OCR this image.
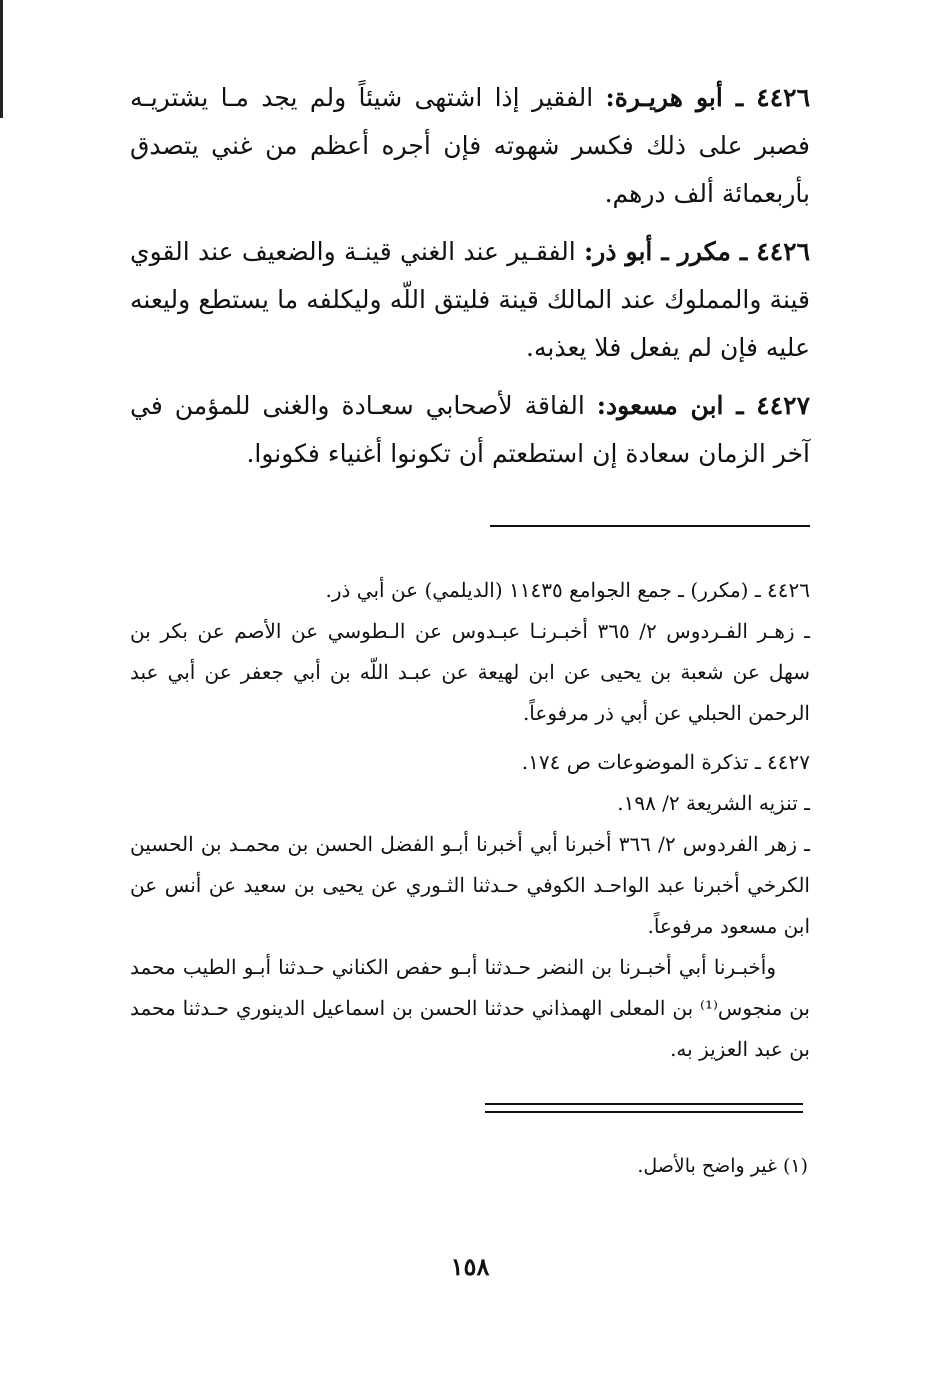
٤٤٢٦ ـ أبو هريـرة: الفقير إذا اشتهى شيئاً ولم يجد مـا يشتريـه فصبر على ذلك فكسر شهوته فإن أجره أعظم من غني يتصدق بأربعمائة ألف درهم.

٤٤٢٦ ـ مكرر ـ أبو ذر: الفقـير عند الغني قينـة والضعيف عند القوي قينة والمملوك عند المالك قينة فليتق اللّه وليكلفه ما يستطع وليعنه عليه فإن لم يفعل فلا يعذبه.

٤٤٢٧ ـ ابن مسعود: الفاقة لأصحابي سعـادة والغنى للمؤمن في آخر الزمان سعادة إن استطعتم أن تكونوا أغنياء فكونوا.

٤٤٢٦ ـ (مكرر) ـ جمع الجوامع ١١٤٣٥ (الديلمي) عن أبي ذر.

ـ زهـر الفـردوس ٢/ ٣٦٥ أخبـرنـا عبـدوس عن الـطوسي عن الأصم عن بكر بن سهل عن شعبة بن يحيى عن ابن لهيعة عن عبـد اللّه بن أبي جعفر عن أبي عبد الرحمن الحبلي عن أبي ذر مرفوعاً.

٤٤٢٧ ـ تذكرة الموضوعات ص ١٧٤.

ـ تنزيه الشريعة ٢/ ١٩٨.

ـ زهر الفردوس ٢/ ٣٦٦ أخبرنا أبي أخبرنا أبـو الفضل الحسن بن محمـد بن الحسين الكرخي أخبرنا عبد الواحـد الكوفي حـدثنا الثـوري عن يحيى بن سعيد عن أنس عن ابن مسعود مرفوعاً.

وأخبـرنا أبي أخبـرنا بن النضر حـدثنا أبـو حفص الكناني حـدثنا أبـو الطيب محمد بن منجوس⁽¹⁾ بن المعلى الهمذاني حدثنا الحسن بن اسماعيل الدينوري حـدثنا محمد بن عبد العزيز به.

(١) غير واضح بالأصل.
١٥٨
